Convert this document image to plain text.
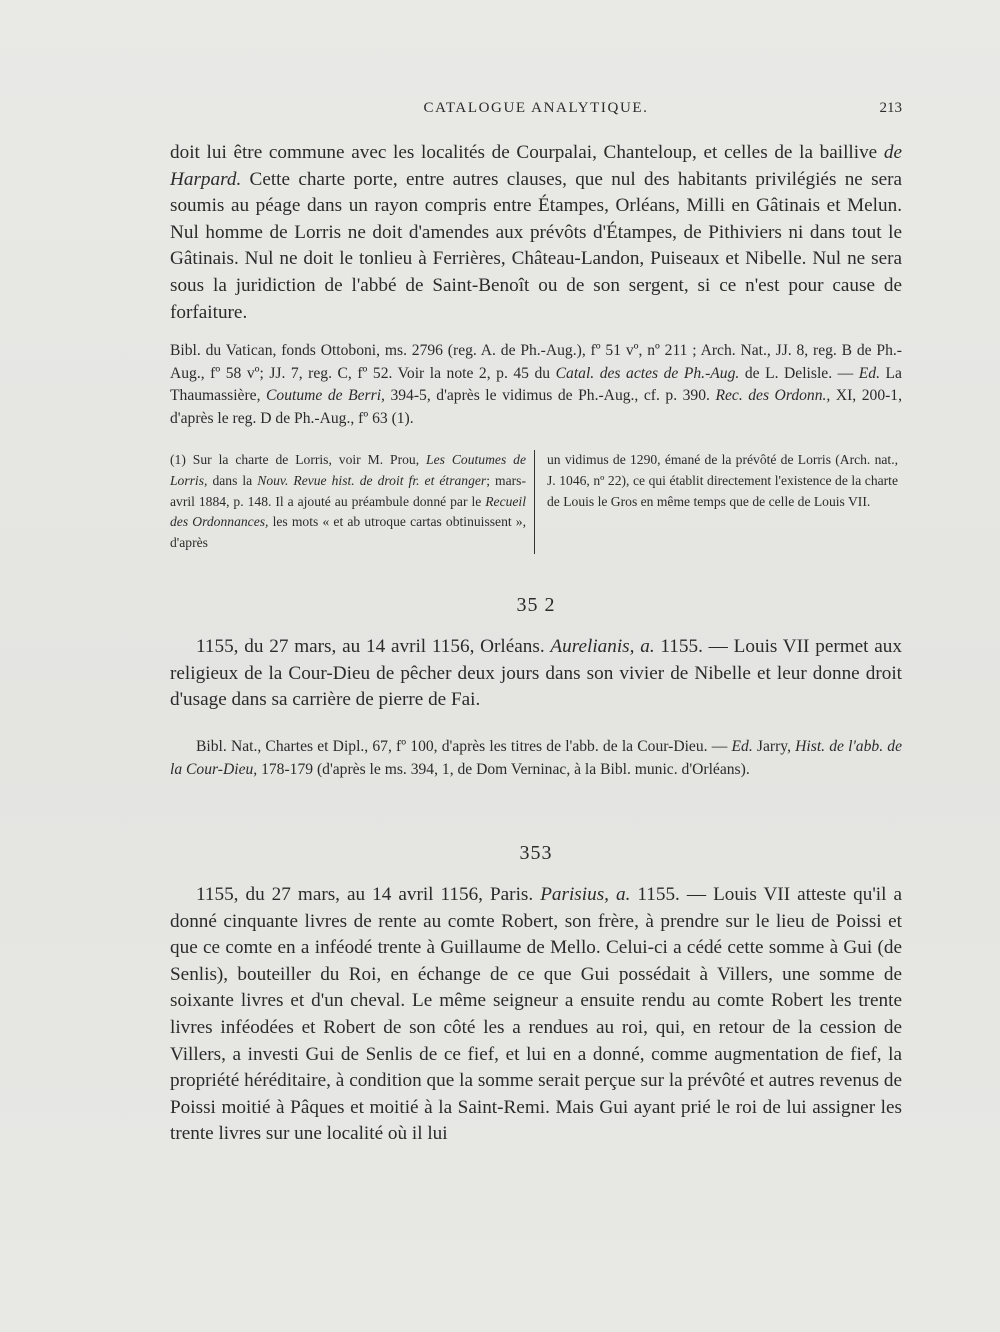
CATALOGUE ANALYTIQUE.	213
doit lui être commune avec les localités de Courpalai, Chanteloup, et celles de la baillive de Harpard. Cette charte porte, entre autres clauses, que nul des habitants privilégiés ne sera soumis au péage dans un rayon compris entre Étampes, Orléans, Milli en Gâtinais et Melun. Nul homme de Lorris ne doit d'amendes aux prévôts d'Étampes, de Pithiviers ni dans tout le Gâtinais. Nul ne doit le tonlieu à Ferrières, Château-Landon, Puiseaux et Nibelle. Nul ne sera sous la juridiction de l'abbé de Saint-Benoît ou de son sergent, si ce n'est pour cause de forfaiture.
Bibl. du Vatican, fonds Ottoboni, ms. 2796 (reg. A. de Ph.-Aug.), fº 51 vº, nº 211 ; Arch. Nat., JJ. 8, reg. B de Ph.-Aug., fº 58 vº; JJ. 7, reg. C, fº 52. Voir la note 2, p. 45 du Catal. des actes de Ph.-Aug. de L. Delisle. — Ed. La Thaumassière, Coutume de Berri, 394-5, d'après le vidimus de Ph.-Aug., cf. p. 390. Rec. des Ordonn., XI, 200-1, d'après le reg. D de Ph.-Aug., fº 63 (1).
(1) Sur la charte de Lorris, voir M. Prou, Les Coutumes de Lorris, dans la Nouv. Revue hist. de droit fr. et étranger; mars-avril 1884, p. 148. Il a ajouté au préambule donné par le Recueil des Ordonnances, les mots « et ab utroque cartas obtinuissent », d'après
un vidimus de 1290, émané de la prévôté de Lorris (Arch. nat., J. 1046, nº 22), ce qui établit directement l'existence de la charte de Louis le Gros en même temps que de celle de Louis VII.
35 2
1155, du 27 mars, au 14 avril 1156, Orléans. Aurelianis, a. 1155. — Louis VII permet aux religieux de la Cour-Dieu de pêcher deux jours dans son vivier de Nibelle et leur donne droit d'usage dans sa carrière de pierre de Fai.
Bibl. Nat., Chartes et Dipl., 67, fº 100, d'après les titres de l'abb. de la Cour-Dieu. — Ed. Jarry, Hist. de l'abb. de la Cour-Dieu, 178-179 (d'après le ms. 394, 1, de Dom Verninac, à la Bibl. munic. d'Orléans).
353
1155, du 27 mars, au 14 avril 1156, Paris. Parisius, a. 1155. — Louis VII atteste qu'il a donné cinquante livres de rente au comte Robert, son frère, à prendre sur le lieu de Poissi et que ce comte en a inféodé trente à Guillaume de Mello. Celui-ci a cédé cette somme à Gui (de Senlis), bouteiller du Roi, en échange de ce que Gui possédait à Villers, une somme de soixante livres et d'un cheval. Le même seigneur a ensuite rendu au comte Robert les trente livres inféodées et Robert de son côté les a rendues au roi, qui, en retour de la cession de Villers, a investi Gui de Senlis de ce fief, et lui en a donné, comme augmentation de fief, la propriété héréditaire, à condition que la somme serait perçue sur la prévôté et autres revenus de Poissi moitié à Pâques et moitié à la Saint-Remi. Mais Gui ayant prié le roi de lui assigner les trente livres sur une localité où il lui
